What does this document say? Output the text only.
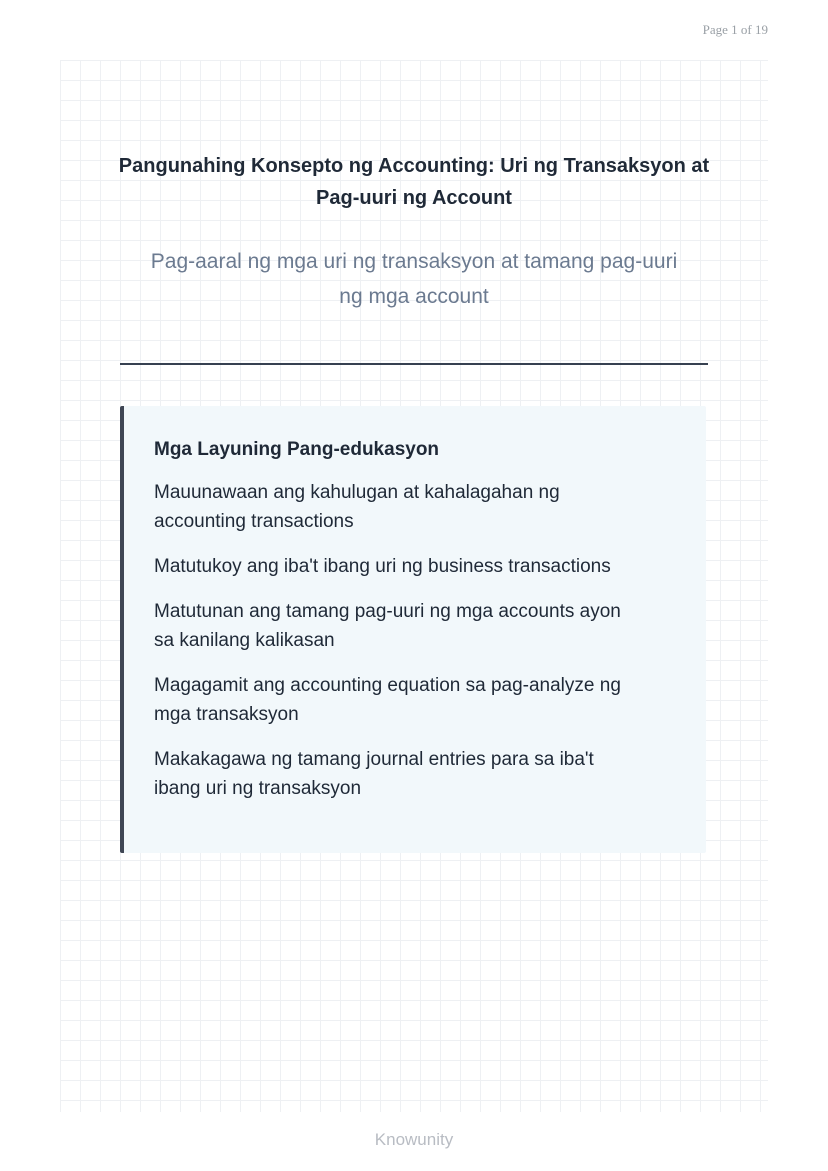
Page 1 of 19
Pangunahing Konsepto ng Accounting: Uri ng Transaksyon at Pag-uuri ng Account

Pag-aaral ng mga uri ng transaksyon at tamang pag-uuri ng mga account

Mga Layuning Pang-edukasyon
Mauunawaan ang kahulugan at kahalagahan ng accounting transactions
Matutukoy ang iba't ibang uri ng business transactions
Matutunan ang tamang pag-uuri ng mga accounts ayon sa kanilang kalikasan
Magagamit ang accounting equation sa pag-analyze ng mga transaksyon
Makakagawa ng tamang journal entries para sa iba't ibang uri ng transaksyon
Knowunity
